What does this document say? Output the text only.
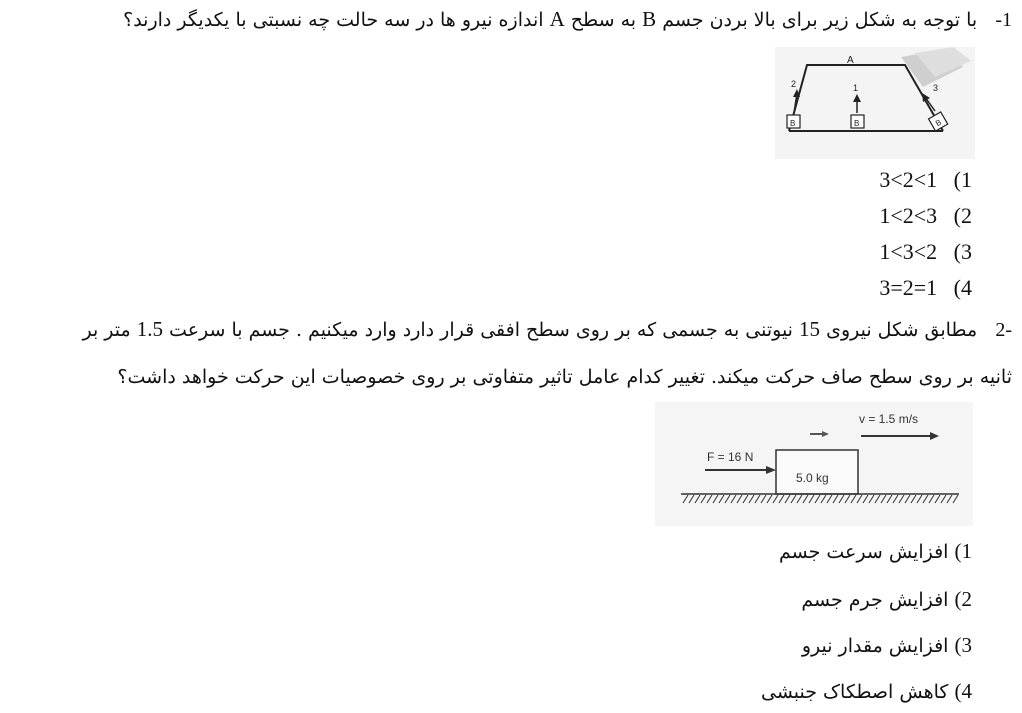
1-   با توجه به شکل زیر برای بالا بردن جسم B به سطح A اندازه نیرو ها در سه حالت چه نسبتی با یکدیگر دارند؟
A
B
2
B
1
B
3
1)   3<2<1
2)   1<2<3
3)   1<3<2
4)   3=2=1
-2   مطابق شکل نیروی 15 نیوتنی به جسمی که بر روی سطح افقی قرار دارد وارد میکنیم . جسم با سرعت 1.5 متر بر
ثانیه بر روی سطح صاف حرکت میکند. تغییر کدام عامل تاثیر متفاوتی بر روی خصوصیات این حرکت خواهد داشت؟
v = 1.5 m/s
F = 16 N
5.0 kg
1) افزایش سرعت جسم
2) افزایش جرم جسم
3) افزایش مقدار نیرو
4) کاهش اصطکاک جنبشی
